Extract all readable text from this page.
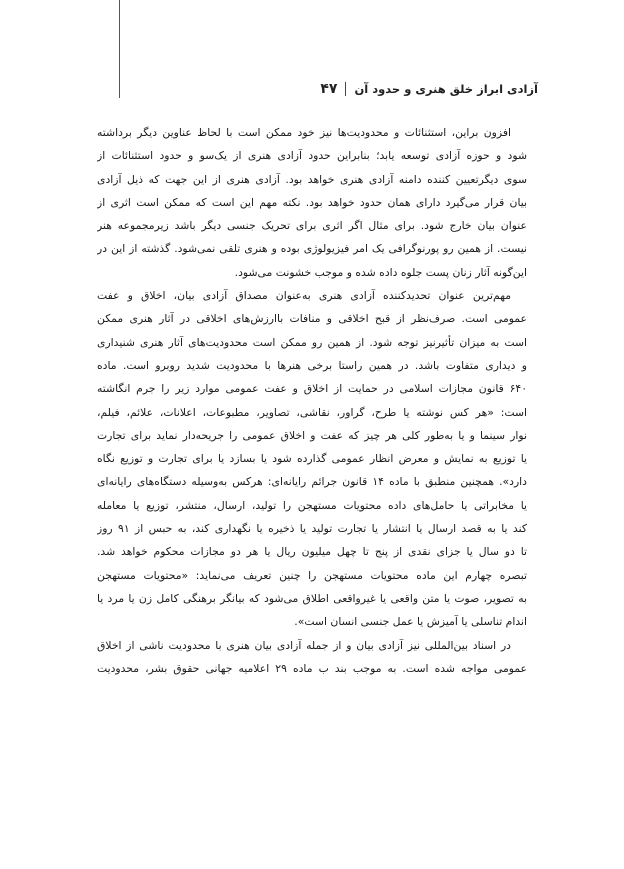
آزادی ابراز خلق هنری و حدود آن
۴۷

افزون براین، استثنائات و محدودیت‌ها نیز خود ممکن است با لحاظ عناوین دیگر برداشته
شود و حوزه آزادی توسعه یابد؛ بنابراین حدود آزادی هنری از یک‌سو و حدود استثنائات از
سوی دیگرتعیین کننده دامنه آزادی هنری خواهد بود. آزادی هنری از این جهت که ذیل آزادی
بیان قرار می‌گیرد دارای همان حدود خواهد بود. نکته مهم این است که ممکن است اثری از
عنوان بیان خارج شود. برای مثال اگر اثری برای تحریک جنسی دیگر باشد زیرمجموعه هنر
نیست. از همین رو پورنوگرافی یک امر فیزیولوژی بوده و هنری تلقی نمی‌شود. گذشته از این در
این‌گونه آثار زنان پست جلوه داده شده و موجب خشونت می‌شود.

مهم‌ترین عنوان تحدیدکننده آزادی هنری به‌عنوان مصداق آزادی بیان، اخلاق و عفت
عمومی است. صرف‌نظر از قبح اخلاقی و منافات باارزش‌های اخلاقی در آثار هنری ممکن
است به میزان تأثیرنیز توجه شود. از همین رو ممکن است محدودیت‌های آثار هنری شنیداری
و دیداری متفاوت باشد. در همین راستا برخی هنرها با محدودیت شدید روبرو است. ماده
۶۴۰ قانون مجازات اسلامی در حمایت از اخلاق و عفت عمومی موارد زیر را جرم انگاشته
است: «هر کس نوشته یا طرح، گراور، نقاشی، تصاویر، مطبوعات، اعلانات، علائم، فیلم،
نوار سینما و یا به‌طور کلی هر چیز که عفت و اخلاق عمومی را جریحه‌دار نماید برای تجارت
یا توزیع به نمایش و معرض انظار عمومی گذارده شود یا بسازد یا برای تجارت و توزیع نگاه
دارد». همچنین منطبق با ماده ۱۴ قانون جرائم رایانه‌ای: هرکس به‌وسیله دستگاه‌های رایانه‌ای
یا مخابراتی یا حامل‌های داده محتویات مستهجن را تولید، ارسال، منتشر، توزیع یا معامله
کند یا به قصد ارسال یا انتشار یا تجارت تولید یا ذخیره یا نگهداری کند، به حبس از ۹۱ روز
تا دو سال یا جزای نقدی از پنج تا چهل میلیون ریال یا هر دو مجازات محکوم خواهد شد.
تبصره چهارم این ماده محتویات مستهجن را چنین تعریف می‌نماید: «محتویات مستهجن
به تصویر، صوت یا متن واقعی یا غیرواقعی اطلاق می‌شود که بیانگر برهنگی کامل زن یا مرد یا
اندام تناسلی یا آمیزش یا عمل جنسی انسان است».

در اسناد بین‌المللی نیز آزادی بیان و از جمله آزادی بیان هنری با محدودیت ناشی از اخلاق
عمومی مواجه شده است. به موجب بند ب ماده ۲۹ اعلامیه جهانی حقوق بشر، محدودیت
